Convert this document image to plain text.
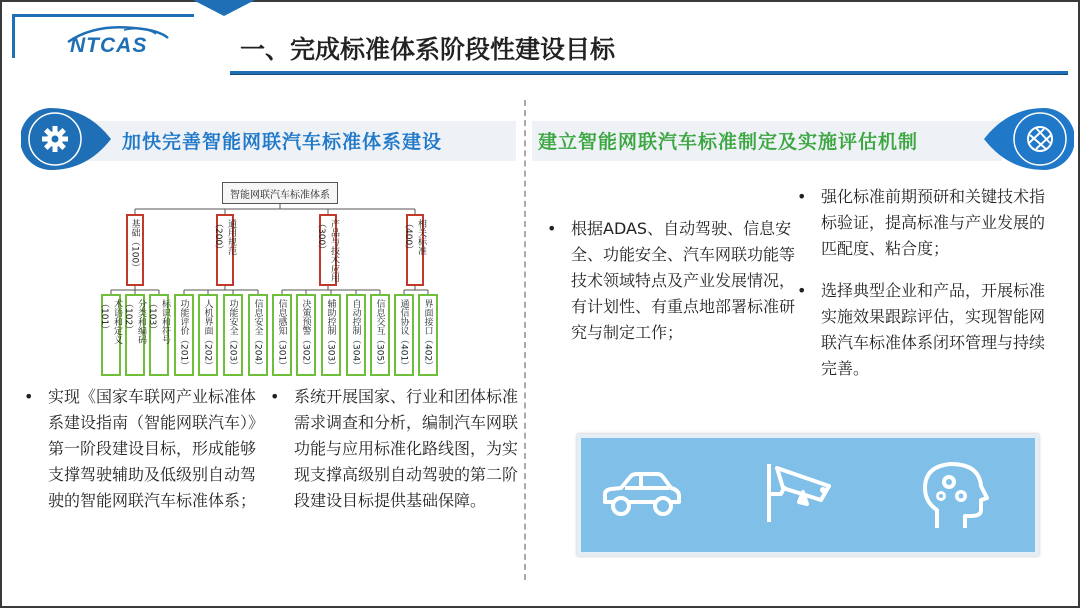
NTCAS	一、完成标准体系阶段性建设目标
加快完善智能网联汽车标准体系建设	建立智能网联汽车标准制定及实施评估机制
智能网联汽车标准体系
基础（100）	通用规范（200）	产品与技术应用（300）	相关标准（400）
术语和定义（101）	分类和编码（102）	标识和符号（103）	功能评价（201）	人机界面（202）	功能安全（203）	信息安全（204）	信息感知（301）	决策预警（302）	辅助控制（303）	自动控制（304）	信息交互（305）	通信协议（401）	界面接口（402）
• 实现《国家车联网产业标准体系建设指南（智能网联汽车）》第一阶段建设目标，形成能够支撑驾驶辅助及低级别自动驾驶的智能网联汽车标准体系；
• 系统开展国家、行业和团体标准需求调查和分析，编制汽车网联功能与应用标准化路线图，为实现支撑高级别自动驾驶的第二阶段建设目标提供基础保障。
• 根据ADAS、自动驾驶、信息安全、功能安全、汽车网联功能等技术领域特点及产业发展情况，有计划性、有重点地部署标准研究与制定工作；
• 强化标准前期预研和关键技术指标验证，提高标准与产业发展的匹配度、粘合度；
• 选择典型企业和产品，开展标准实施效果跟踪评估，实现智能网联汽车标准体系闭环管理与持续完善。
